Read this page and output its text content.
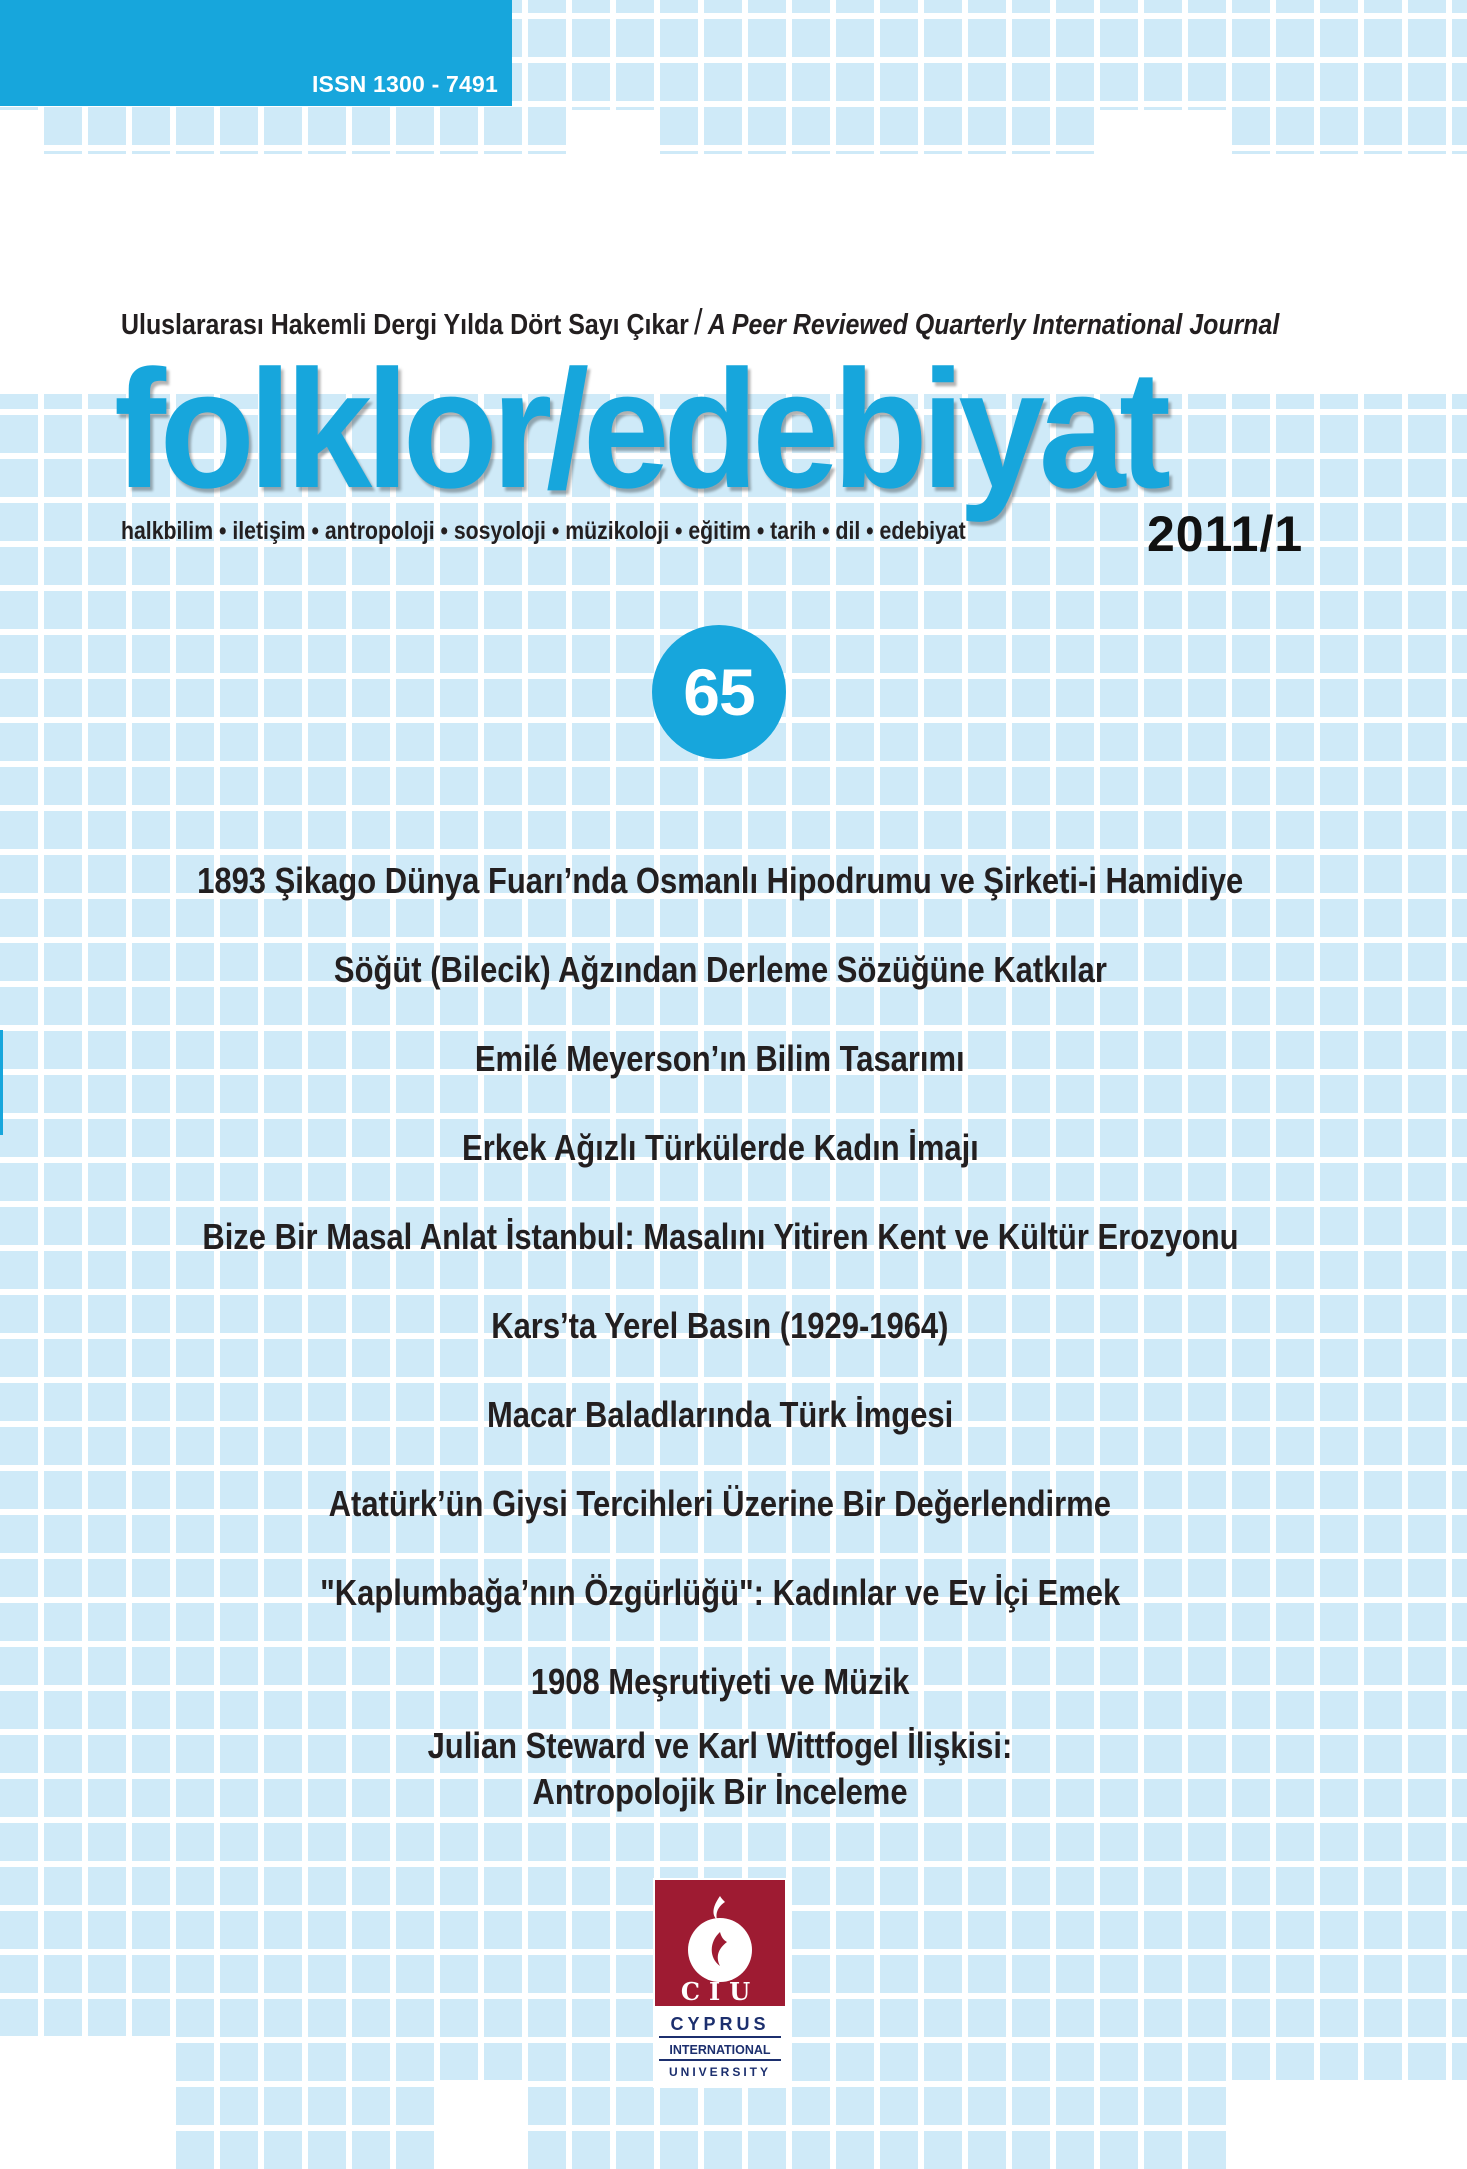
ISSN 1300 - 7491
Uluslararası Hakemli Dergi Yılda Dört Sayı Çıkar / A Peer Reviewed Quarterly International Journal
folklor/edebiyat
halkbilim • iletişim • antropoloji • sosyoloji • müzikoloji • eğitim • tarih • dil • edebiyat	2011/1
65
1893 Şikago Dünya Fuarı’nda Osmanlı Hipodrumu ve Şirketi-i Hamidiye
Söğüt (Bilecik) Ağzından Derleme Sözüğüne Katkılar
Emilé Meyerson’ın Bilim Tasarımı
Erkek Ağızlı Türkülerde Kadın İmajı
Bize Bir Masal Anlat İstanbul: Masalını Yitiren Kent ve Kültür Erozyonu
Kars’ta Yerel Basın (1929-1964)
Macar Baladlarında Türk İmgesi
Atatürk’ün Giysi Tercihleri Üzerine Bir Değerlendirme
"Kaplumbağa’nın Özgürlüğü": Kadınlar ve Ev İçi Emek
1908 Meşrutiyeti ve Müzik
Julian Steward ve Karl Wittfogel İlişkisi:
Antropolojik Bir İnceleme
CIU
CYPRUS
INTERNATIONAL
UNIVERSITY
